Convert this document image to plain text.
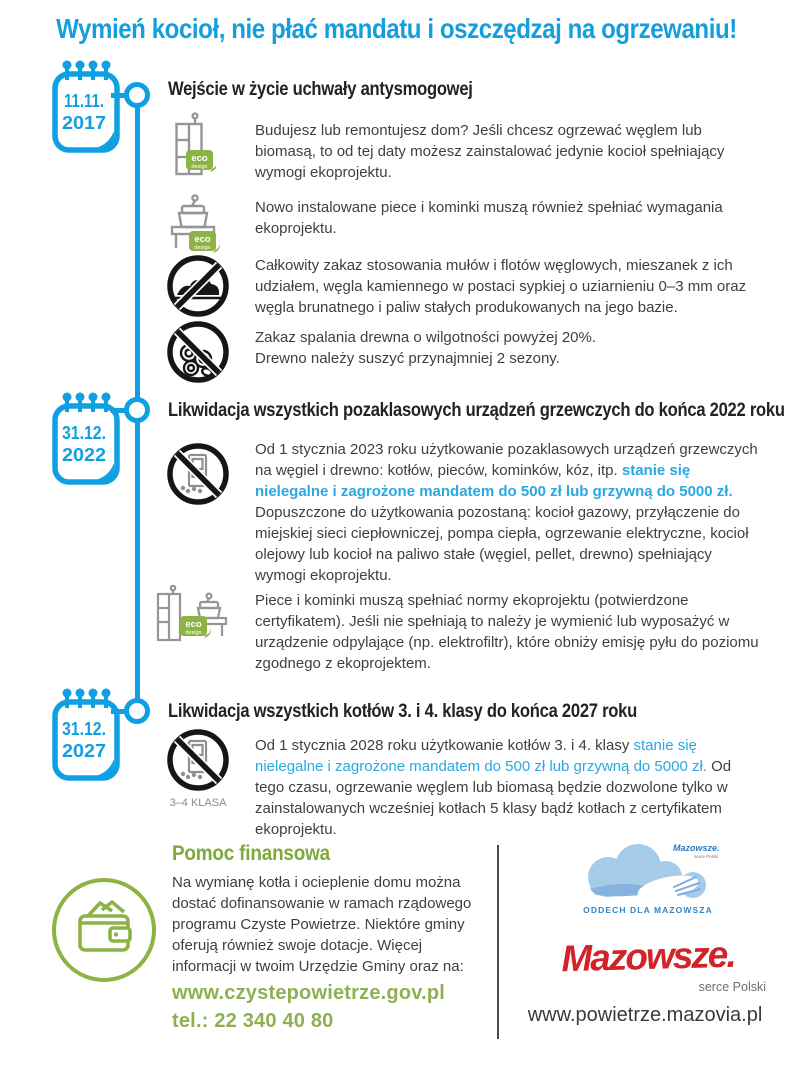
Wymień kocioł, nie płać mandatu i oszczędzaj na ogrzewaniu!
11.11.
2017
Wejście w życie uchwały antysmogowej

Budujesz lub remontujesz dom? Jeśli chcesz ogrzewać węglem lub biomasą, to od tej daty możesz zainstalować jedynie kocioł spełniający wymogi ekoprojektu.

Nowo instalowane piece i kominki muszą również spełniać wymagania ekoprojektu.

Całkowity zakaz stosowania mułów i flotów węglowych, mieszanek z ich udziałem, węgla kamiennego w postaci sypkiej o uziarnieniu 0–3 mm oraz węgla brunatnego i paliw stałych produkowanych na jego bazie.

Zakaz spalania drewna o wilgotności powyżej 20%.
Drewno należy suszyć przynajmniej 2 sezony.

31.12.
2022
Likwidacja wszystkich pozaklasowych urządzeń grzewczych do końca 2022 roku

Od 1 stycznia 2023 roku użytkowanie pozaklasowych urządzeń grzewczych na węgiel i drewno: kotłów, pieców, kominków, kóz, itp. stanie się nielegalne i zagrożone mandatem do 500 zł lub grzywną do 5000 zł. Dopuszczone do użytkowania pozostaną: kocioł gazowy, przyłączenie do miejskiej sieci ciepłowniczej, pompa ciepła, ogrzewanie elektryczne, kocioł olejowy lub kocioł na paliwo stałe (węgiel, pellet, drewno) spełniający wymogi ekoprojektu.

Piece i kominki muszą spełniać normy ekoprojektu (potwierdzone certyfikatem). Jeśli nie spełniają to należy je wymienić lub wyposażyć w urządzenie odpylające (np. elektrofiltr), które obniży emisję pyłu do poziomu zgodnego z ekoprojektem.

31.12.
2027
Likwidacja wszystkich kotłów 3. i 4. klasy do końca 2027 roku
3–4 KLASA

Od 1 stycznia 2028 roku użytkowanie kotłów 3. i 4. klasy stanie się nielegalne i zagrożone mandatem do 500 zł lub grzywną do 5000 zł. Od tego czasu, ogrzewanie węglem lub biomasą będzie dozwolone tylko w zainstalowanych wcześniej kotłach 5 klasy bądź kotłach z certyfikatem ekoprojektu.

Pomoc finansowa

Na wymianę kotła i ocieplenie domu można dostać dofinansowanie w ramach rządowego programu Czyste Powietrze. Niektóre gminy oferują również swoje dotacje. Więcej informacji w twoim Urzędzie Gminy oraz na:

www.czystepowietrze.gov.pl
tel.: 22 340 40 80
Mazowsze.
serce Polski
ODDECH DLA MAZOWSZA
Mazowsze.
serce Polski
www.powietrze.mazovia.pl
